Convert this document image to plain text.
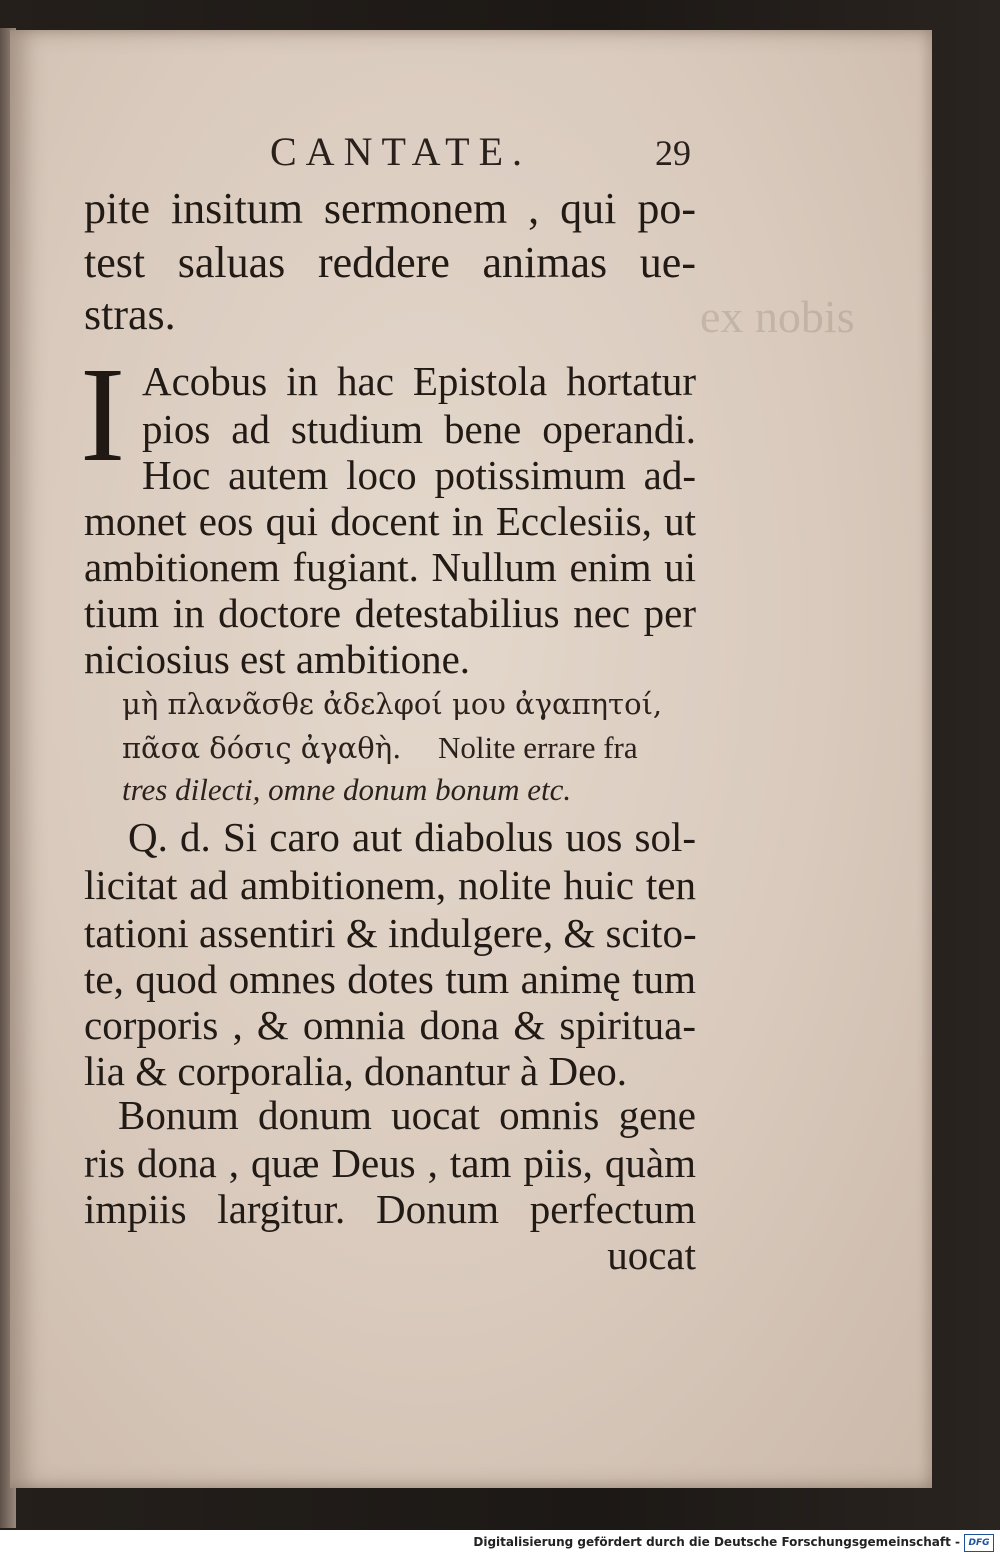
ex nobis
CANTATE.	29
pite insitum sermonem , qui po-
test saluas reddere animas ue-
stras.
I Acobus in hac Epistola hortatur
pios ad studium bene operandi.
Hoc autem loco potissimum ad-
monet eos qui docent in Ecclesiis, ut
ambitionem fugiant. Nullum enim ui
tium in doctore detestabilius nec per
niciosius est ambitione.
μὴ πλανᾶσθε ἀδελφοί μου ἀγαπητοί,
πᾶσα δόσις ἀγαθὴ. Nolite errare fra
tres dilecti, omne donum bonum etc.
Q. d. Si caro aut diabolus uos sol-
licitat ad ambitionem, nolite huic ten
tationi assentiri & indulgere, & scito-
te, quod omnes dotes tum animę tum
corporis , & omnia dona & spiritua-
lia & corporalia, donantur à Deo.
Bonum donum uocat omnis gene
ris dona , quæ Deus , tam piis, quàm
impiis largitur. Donum perfectum
uocat
Digitalisierung gefördert durch die Deutsche Forschungsgemeinschaft - DFG
